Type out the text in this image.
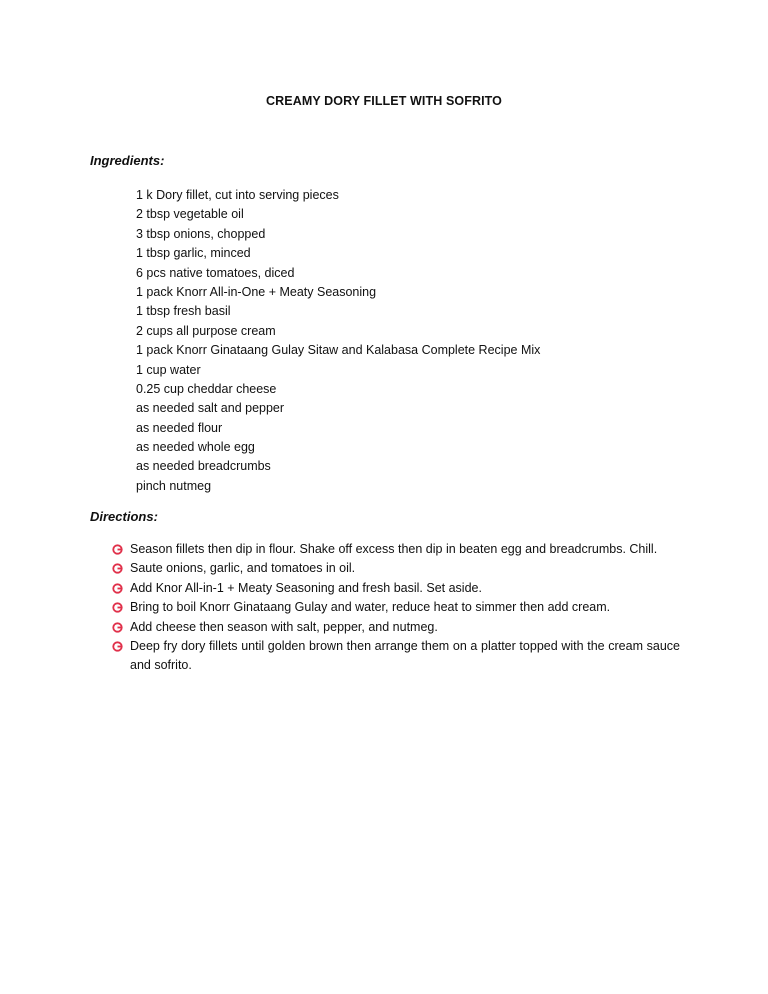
CREAMY DORY FILLET WITH SOFRITO
Ingredients:
1 k Dory fillet, cut into serving pieces
2 tbsp vegetable oil
3 tbsp onions, chopped
1 tbsp garlic, minced
6 pcs native tomatoes, diced
1 pack Knorr All-in-One + Meaty Seasoning
1 tbsp fresh basil
2 cups all purpose cream
1 pack Knorr Ginataang Gulay Sitaw and Kalabasa Complete Recipe Mix
1 cup water
0.25 cup cheddar cheese
as needed salt and pepper
as needed flour
as needed whole egg
as needed breadcrumbs
pinch nutmeg
Directions:
Season fillets then dip in flour. Shake off excess then dip in beaten egg and breadcrumbs. Chill.
Saute onions, garlic, and tomatoes in oil.
Add Knor All-in-1 + Meaty Seasoning and fresh basil. Set aside.
Bring to boil Knorr Ginataang Gulay and water, reduce heat to simmer then add cream.
Add cheese then season with salt, pepper, and nutmeg.
Deep fry dory fillets until golden brown then arrange them on a platter topped with the cream sauce and sofrito.
